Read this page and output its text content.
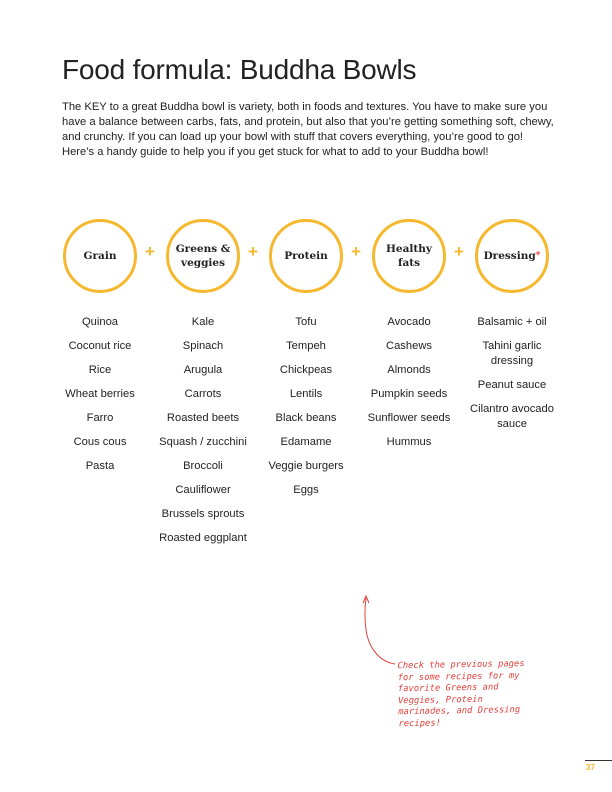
Food formula: Buddha Bowls

The KEY to a great Buddha bowl is variety, both in foods and textures. You have to make sure you have a balance between carbs, fats, and protein, but also that you’re getting something soft, chewy, and crunchy. If you can load up your bowl with stuff that covers everything, you’re good to go! Here’s a handy guide to help you if you get stuck for what to add to your Buddha bowl!

Grain + Greens & veggies
+ Protein + Healthy fats
+ Dressing*
Quinoa
Coconut rice
Rice
Wheat berries
Farro
Cous cous
Pasta
Kale
Spinach
Arugula
Carrots
Roasted beets
Squash / zucchini
Broccoli
Cauliflower
Brussels sprouts
Roasted eggplant
Tofu
Tempeh
Chickpeas
Lentils
Black beans
Edamame
Veggie burgers
Eggs
Avocado
Cashews
Almonds
Pumpkin seeds
Sunflower seeds
Hummus
Balsamic + oil
Tahini garlic dressing
Peanut sauce
Cilantro avocado sauce

Check the previous pages for some recipes for my favorite Greens and Veggies, Protein marinades, and Dressing recipes!

37
